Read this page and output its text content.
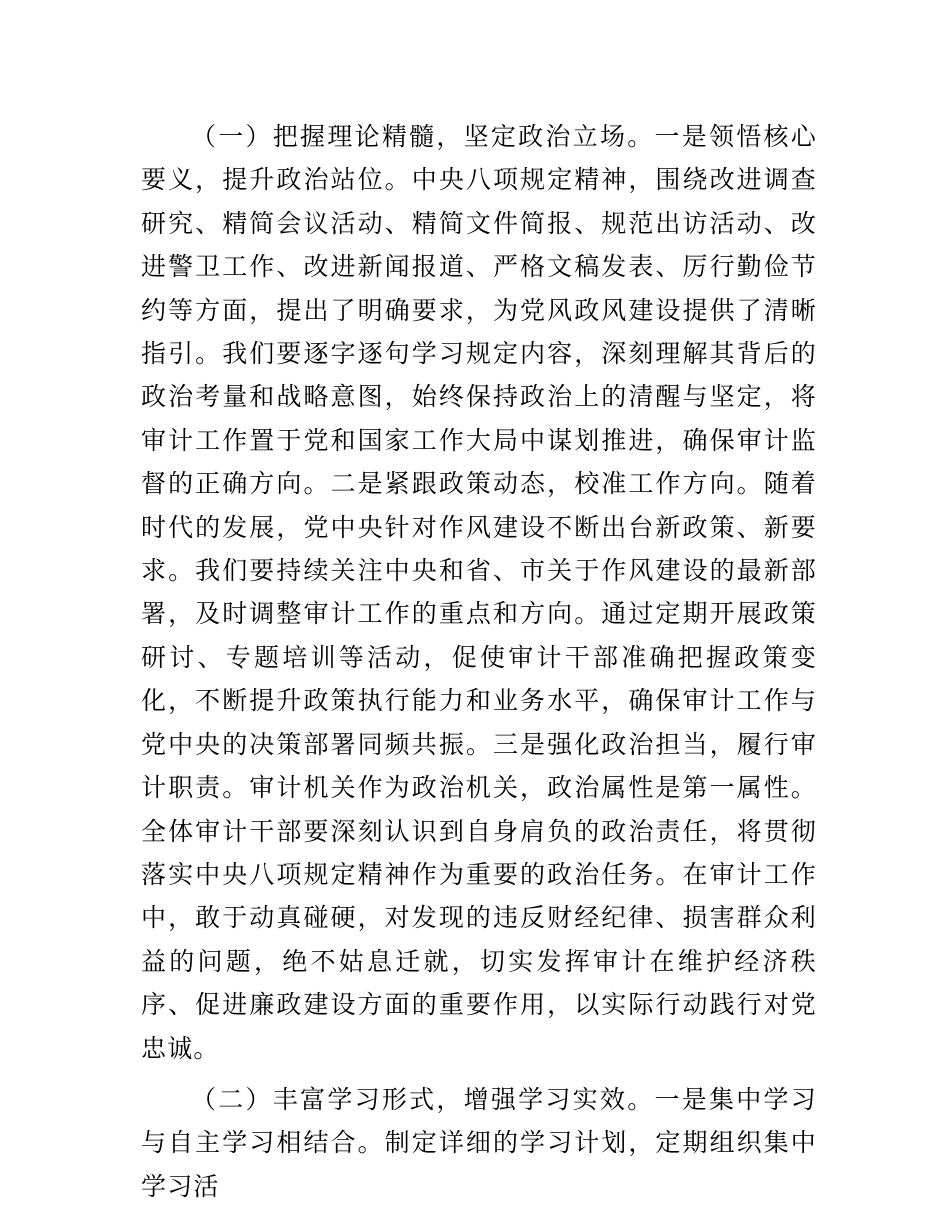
（一）把握理论精髓，坚定政治立场。一是领悟核心要义，提升政治站位。中央八项规定精神，围绕改进调查研究、精简会议活动、精简文件简报、规范出访活动、改进警卫工作、改进新闻报道、严格文稿发表、厉行勤俭节约等方面，提出了明确要求，为党风政风建设提供了清晰指引。我们要逐字逐句学习规定内容，深刻理解其背后的政治考量和战略意图，始终保持政治上的清醒与坚定，将审计工作置于党和国家工作大局中谋划推进，确保审计监督的正确方向。二是紧跟政策动态，校准工作方向。随着时代的发展，党中央针对作风建设不断出台新政策、新要求。我们要持续关注中央和省、市关于作风建设的最新部署，及时调整审计工作的重点和方向。通过定期开展政策研讨、专题培训等活动，促使审计干部准确把握政策变化，不断提升政策执行能力和业务水平，确保审计工作与党中央的决策部署同频共振。三是强化政治担当，履行审计职责。审计机关作为政治机关，政治属性是第一属性。全体审计干部要深刻认识到自身肩负的政治责任，将贯彻落实中央八项规定精神作为重要的政治任务。在审计工作中，敢于动真碰硬，对发现的违反财经纪律、损害群众利益的问题，绝不姑息迁就，切实发挥审计在维护经济秩序、促进廉政建设方面的重要作用，以实际行动践行对党忠诚。

（二）丰富学习形式，增强学习实效。一是集中学习与自主学习相结合。制定详细的学习计划，定期组织集中学习活
